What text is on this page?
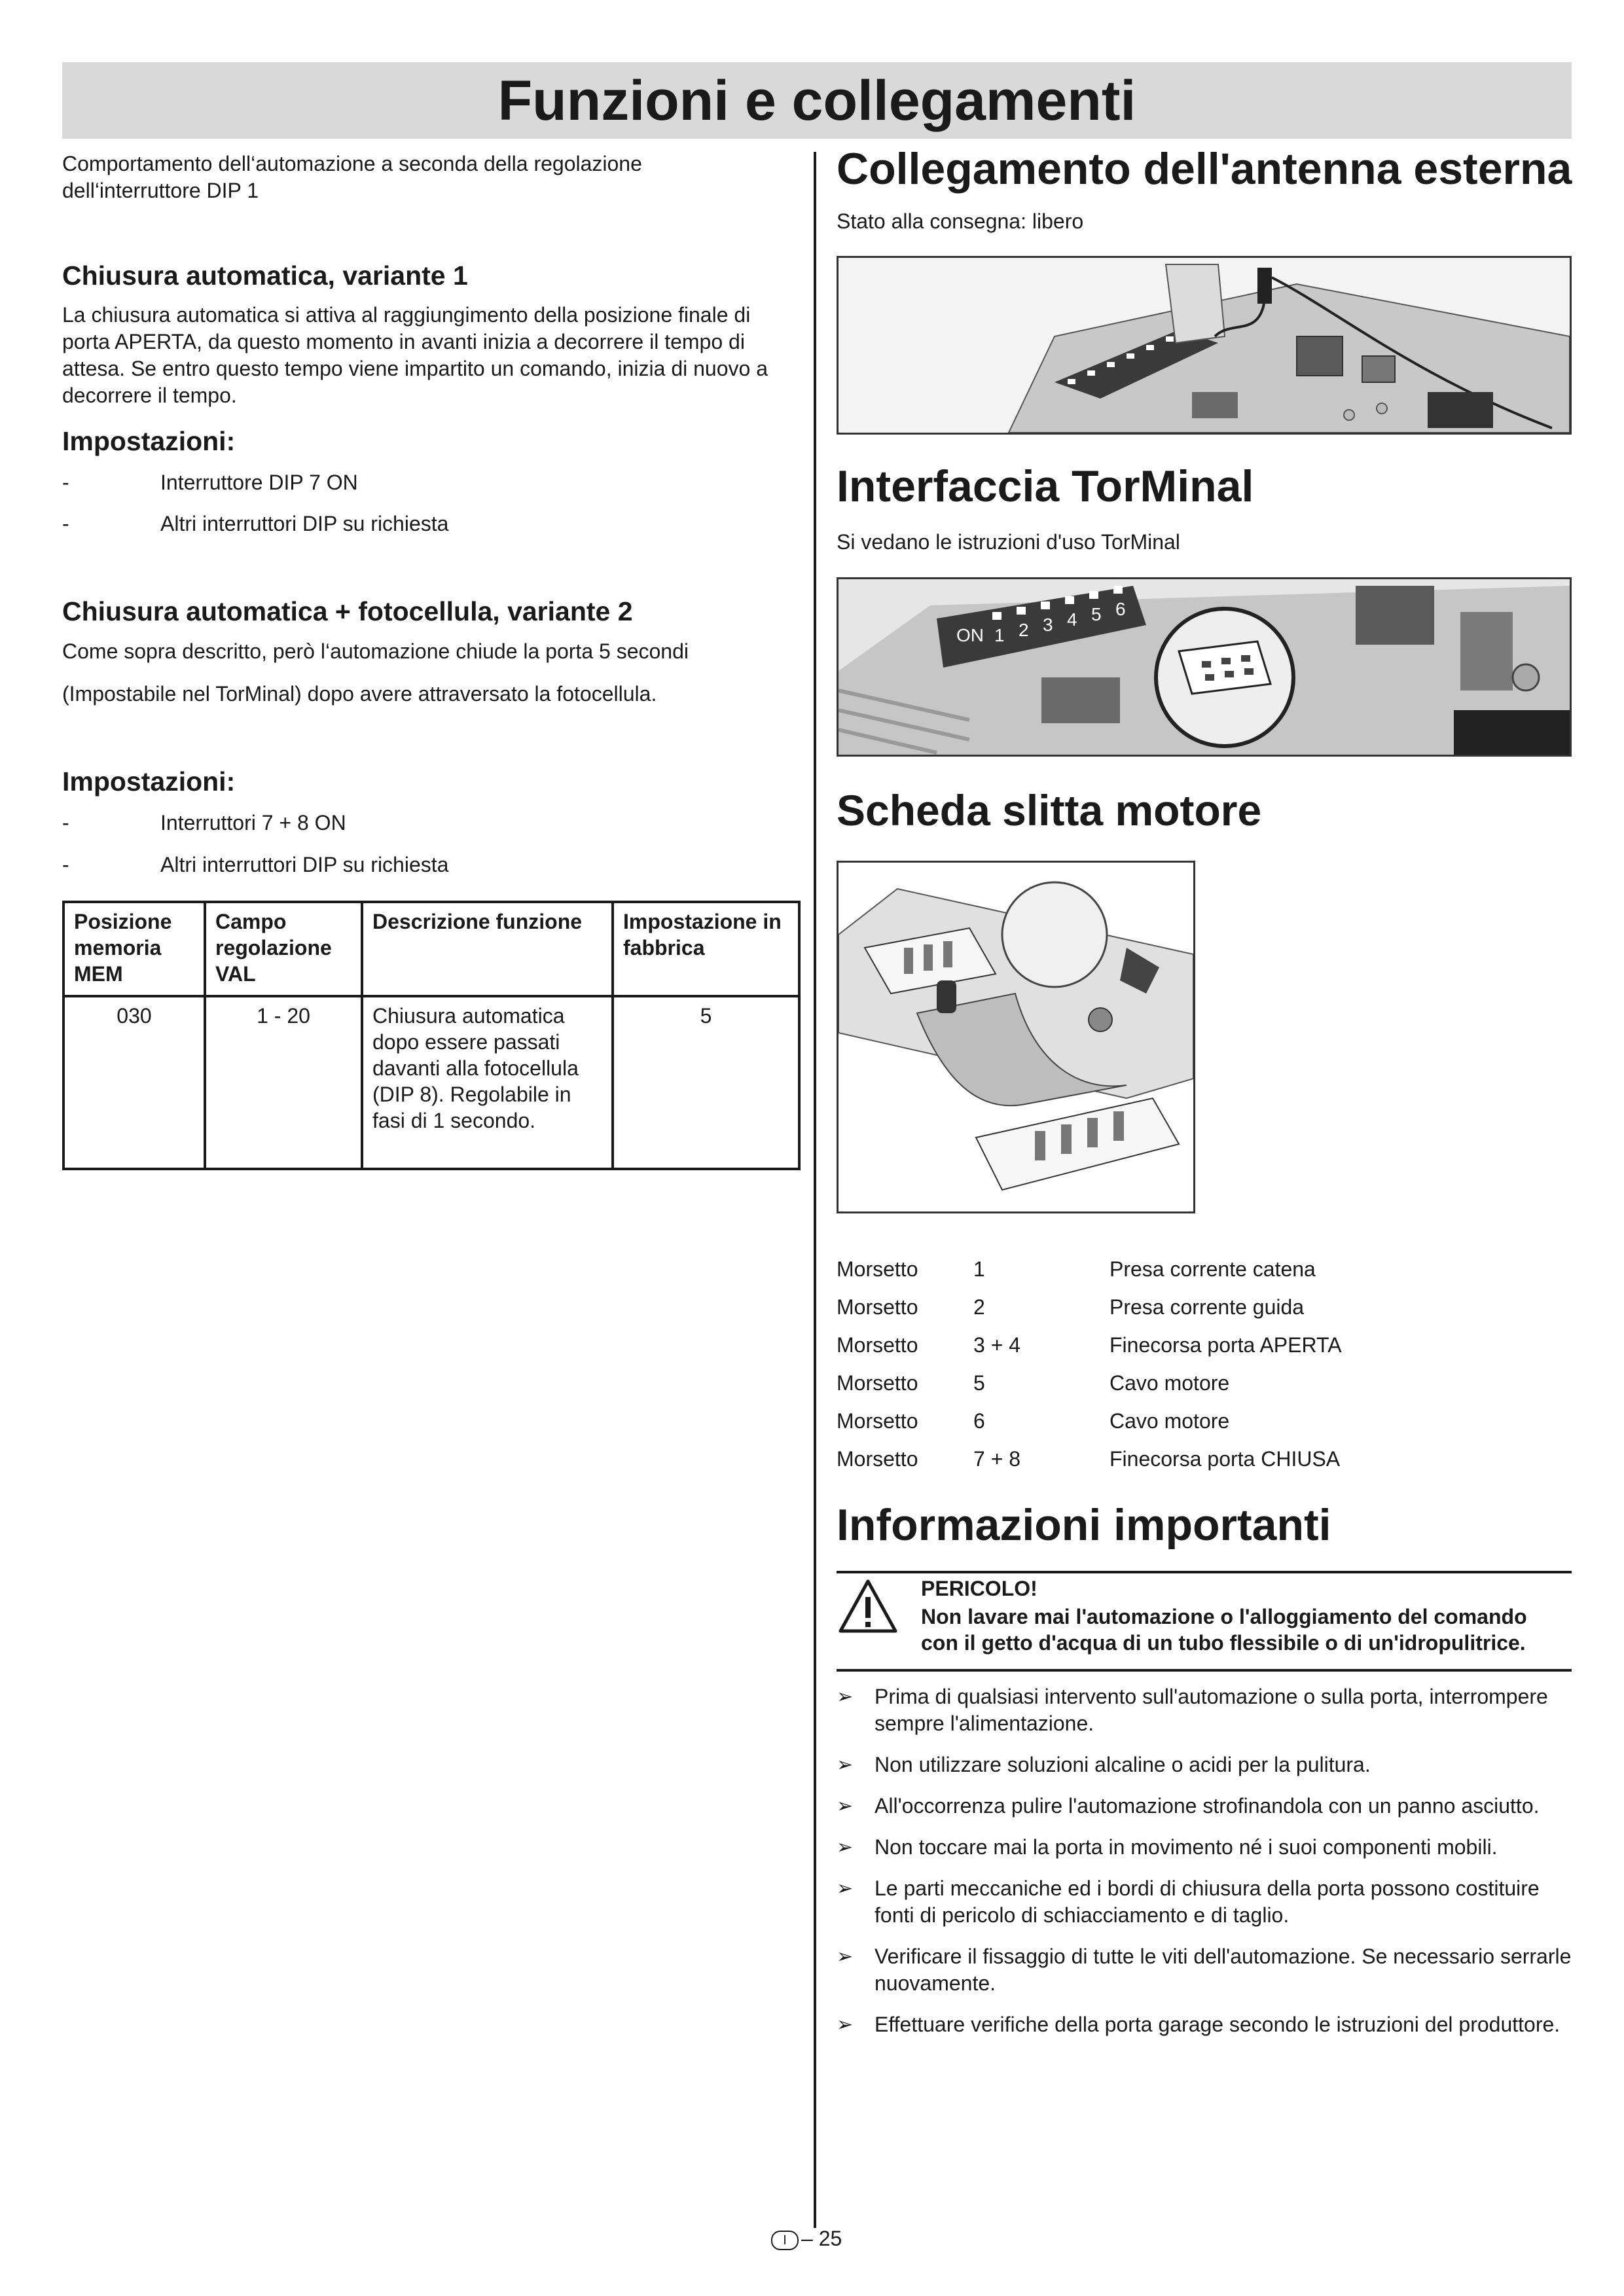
Funzioni e collegamenti
Comportamento dell‘automazione a seconda della regolazione dell‘interruttore DIP 1
Chiusura automatica, variante 1
La chiusura automatica si attiva al raggiungimento della posizione finale di porta APERTA, da questo momento in avanti inizia a decorrere il tempo di attesa. Se entro questo tempo viene impartito un comando, inizia di nuovo a decorrere il tempo.
Impostazioni:
-	Interruttore DIP 7 ON
-	Altri interruttori DIP su richiesta
Chiusura automatica + fotocellula, variante 2
Come sopra descritto, però l‘automazione chiude la porta 5 secondi
(Impostabile nel TorMinal) dopo avere attraversato la fotocellula.
Impostazioni:
-	Interruttori 7 + 8 ON
-	Altri interruttori DIP su richiesta
Posizione memoria MEM	Campo regolazione VAL	Descrizione funzione	Impostazione in fabbrica
030	1 - 20	Chiusura automatica dopo essere passati davanti alla fotocellula (DIP 8). Regolabile in fasi di 1 secondo.	5
Collegamento dell'antenna esterna
Stato alla consegna: libero
Interfaccia TorMinal
Si vedano le istruzioni d'uso TorMinal
ON 1 2 3 4 5 6
Scheda slitta motore
Morsetto	1	Presa corrente catena
Morsetto	2	Presa corrente guida
Morsetto	3 + 4	Finecorsa porta APERTA
Morsetto	5	Cavo motore
Morsetto	6	Cavo motore
Morsetto	7 + 8	Finecorsa porta CHIUSA
Informazioni importanti
PERICOLO!
Non lavare mai l'automazione o l'alloggiamento del comando con il getto d'acqua di un tubo flessibile o di un'idropulitrice.
➢ Prima di qualsiasi intervento sull'automazione o sulla porta, interrompere sempre l'alimentazione.
➢ Non utilizzare soluzioni alcaline o acidi per la pulitura.
➢ All'occorrenza pulire l'automazione strofinandola con un panno asciutto.
➢ Non toccare mai la porta in movimento né i suoi componenti mobili.
➢ Le parti meccaniche ed i bordi di chiusura della porta possono costituire fonti di pericolo di schiacciamento e di taglio.
➢ Verificare il fissaggio di tutte le viti dell'automazione. Se necessario serrarle nuovamente.
➢ Effettuare verifiche della porta garage secondo le istruzioni del produttore.
I – 25
